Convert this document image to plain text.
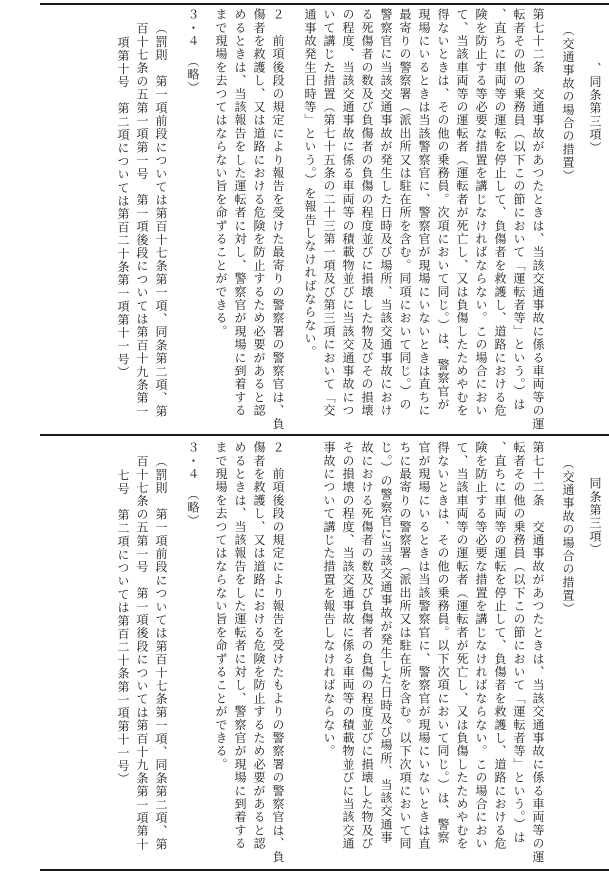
、同条第三項）
（交通事故の場合の措置）
第七十二条　交通事故があつたときは、当該交通事故に係る車両等の運
転者その他の乗務員（以下この節において「運転者等」という。）は
、直ちに車両等の運転を停止して、負傷者を救護し、道路における危
険を防止する等必要な措置を講じなければならない。この場合におい
て、当該車両等の運転者（運転者が死亡し、又は負傷したためやむを
得ないときは、その他の乗務員。次項において同じ。）は、警察官が
現場にいるときは当該警察官に、警察官が現場にいないときは直ちに
最寄りの警察署（派出所又は駐在所を含む。同項において同じ。）の
警察官に当該交通事故が発生した日時及び場所、当該交通事故におけ
る死傷者の数及び負傷者の負傷の程度並びに損壊した物及びその損壊
の程度、当該交通事故に係る車両等の積載物並びに当該交通事故につ
いて講じた措置（第七十五条の二十三第一項及び第三項において「交
通事故発生日時等」という。）を報告しなければならない。
２　前項後段の規定により報告を受けた最寄りの警察署の警察官は、負
傷者を救護し、又は道路における危険を防止するため必要があると認
めるときは、当該報告をした運転者に対し、警察官が現場に到着する
まで現場を去つてはならない旨を命ずることができる。
３・４　（略）
（罰則　第一項前段については第百十七条第一項、同条第二項、第
百十七条の五第一項第一号　第一項後段については第百十九条第一
項第十号　第二項については第百二十条第一項第十一号）
同条第三項）
（交通事故の場合の措置）
第七十二条　交通事故があつたときは、当該交通事故に係る車両等の運
転者その他の乗務員（以下この節において「運転者等」という。）は
、直ちに車両等の運転を停止して、負傷者を救護し、道路における危
険を防止する等必要な措置を講じなければならない。この場合におい
て、当該車両等の運転者（運転者が死亡し、又は負傷したためやむを
得ないときは、その他の乗務員。以下次項において同じ。）は、警察
官が現場にいるときは当該警察官に、警察官が現場にいないときは直
ちに最寄りの警察署（派出所又は駐在所を含む。以下次項において同
じ。）の警察官に当該交通事故が発生した日時及び場所、当該交通事
故における死傷者の数及び負傷者の負傷の程度並びに損壊した物及び
その損壊の程度、当該交通事故に係る車両等の積載物並びに当該交通
事故について講じた措置を報告しなければならない。
２　前項後段の規定により報告を受けたもよりの警察署の警察官は、負
傷者を救護し、又は道路における危険を防止するため必要があると認
めるときは、当該報告をした運転者に対し、警察官が現場に到着する
まで現場を去つてはならない旨を命ずることができる。
３・４　（略）
（罰則　第一項前段については第百十七条第一項、同条第二項、第
百十七条の五第一号　第一項後段については第百十九条第一項第十
七号　第二項については第百二十条第一項第十一号）
